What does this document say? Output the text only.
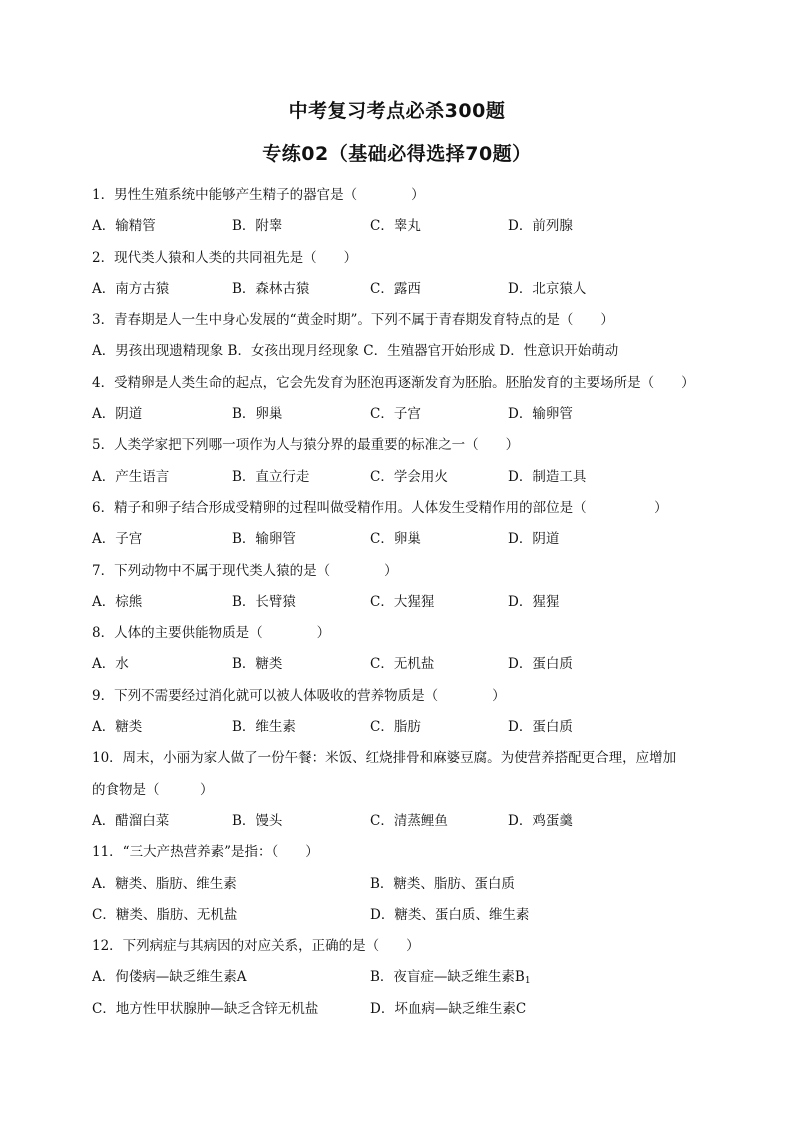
中考复习考点必杀300题
专练02（基础必得选择70题）
1．男性生殖系统中能够产生精子的器官是（　　　　）
A．输精管	B．附睾	C．睾丸	D．前列腺
2．现代类人猿和人类的共同祖先是（　　）
A．南方古猿	B．森林古猿	C．露西	D．北京猿人
3．青春期是人一生中身心发展的“黄金时期”。下列不属于青春期发育特点的是（　　）
A．男孩出现遗精现象 B．女孩出现月经现象 C．生殖器官开始形成 D．性意识开始萌动
4．受精卵是人类生命的起点，它会先发育为胚泡再逐渐发育为胚胎。胚胎发育的主要场所是（　　）
A．阴道	B．卵巢	C．子宫	D．输卵管
5．人类学家把下列哪一项作为人与猿分界的最重要的标准之一（　　）
A．产生语言	B．直立行走	C．学会用火	D．制造工具
6．精子和卵子结合形成受精卵的过程叫做受精作用。人体发生受精作用的部位是（　　　　　）
A．子宫	B．输卵管	C．卵巢	D．阴道
7．下列动物中不属于现代类人猿的是（　　　　）
A．棕熊	B．长臂猿	C．大猩猩	D．猩猩
8．人体的主要供能物质是（　　　　）
A．水	B．糖类	C．无机盐	D．蛋白质
9．下列不需要经过消化就可以被人体吸收的营养物质是（　　　　）
A．糖类	B．维生素	C．脂肪	D．蛋白质
10．周末，小丽为家人做了一份午餐：米饭、红烧排骨和麻婆豆腐。为使营养搭配更合理，应增加
的食物是（　　　）
A．醋溜白菜	B．馒头	C．清蒸鲤鱼	D．鸡蛋羹
11．“三大产热营养素”是指：（　　）
A．糖类、脂肪、维生素	B．糖类、脂肪、蛋白质
C．糖类、脂肪、无机盐	D．糖类、蛋白质、维生素
12．下列病症与其病因的对应关系，正确的是（　　）
A．佝偻病—缺乏维生素A	B．夜盲症—缺乏维生素$B_1$
C．地方性甲状腺肿—缺乏含锌无机盐	D．坏血病—缺乏维生素C
